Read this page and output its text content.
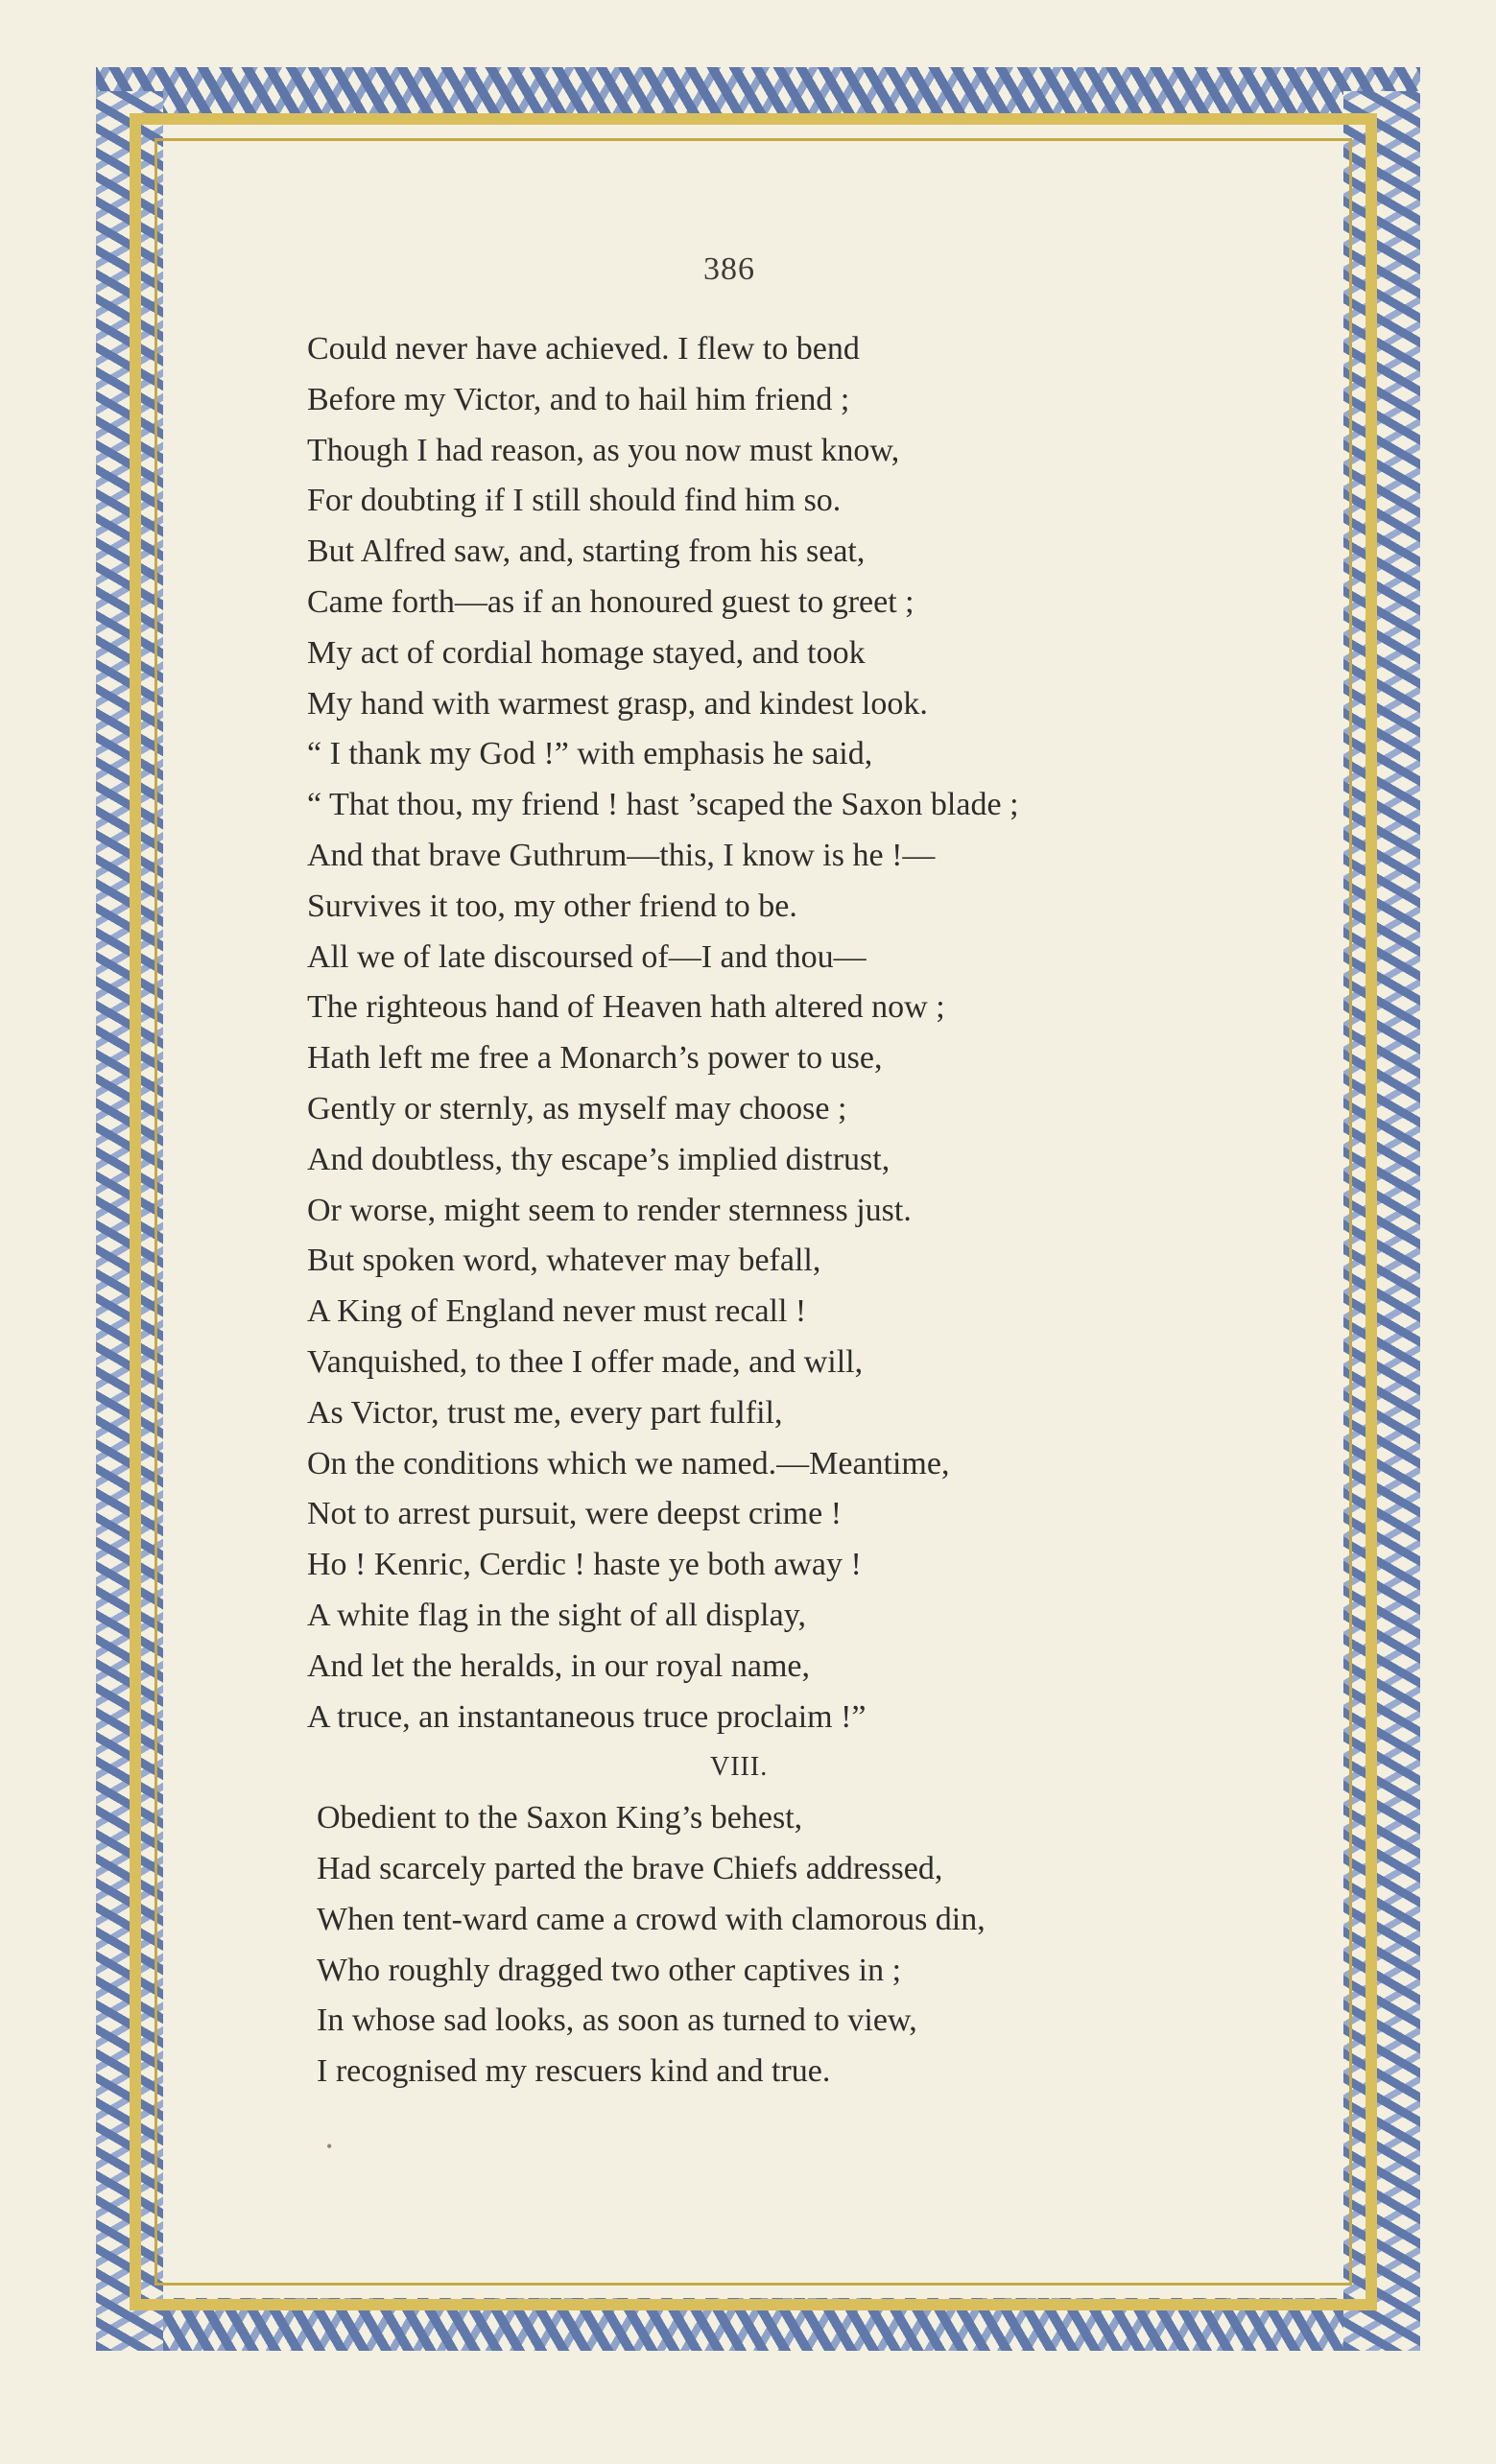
386
Could never have achieved. I flew to bend
Before my Victor, and to hail him friend ;
Though I had reason, as you now must know,
For doubting if I still should find him so.
But Alfred saw, and, starting from his seat,
Came forth—as if an honoured guest to greet ;
My act of cordial homage stayed, and took
My hand with warmest grasp, and kindest look.
“ I thank my God !” with emphasis he said,
“ That thou, my friend ! hast ’scaped the Saxon blade ;
And that brave Guthrum—this, I know is he !—
Survives it too, my other friend to be.
All we of late discoursed of—I and thou—
The righteous hand of Heaven hath altered now ;
Hath left me free a Monarch’s power to use,
Gently or sternly, as myself may choose ;
And doubtless, thy escape’s implied distrust,
Or worse, might seem to render sternness just.
But spoken word, whatever may befall,
A King of England never must recall !
Vanquished, to thee I offer made, and will,
As Victor, trust me, every part fulfil,
On the conditions which we named.—Meantime,
Not to arrest pursuit, were deepst crime !
Ho ! Kenric, Cerdic ! haste ye both away !
A white flag in the sight of all display,
And let the heralds, in our royal name,
A truce, an instantaneous truce proclaim !”
VIII.
Obedient to the Saxon King’s behest,
Had scarcely parted the brave Chiefs addressed,
When tent-ward came a crowd with clamorous din,
Who roughly dragged two other captives in ;
In whose sad looks, as soon as turned to view,
I recognised my rescuers kind and true.
•
